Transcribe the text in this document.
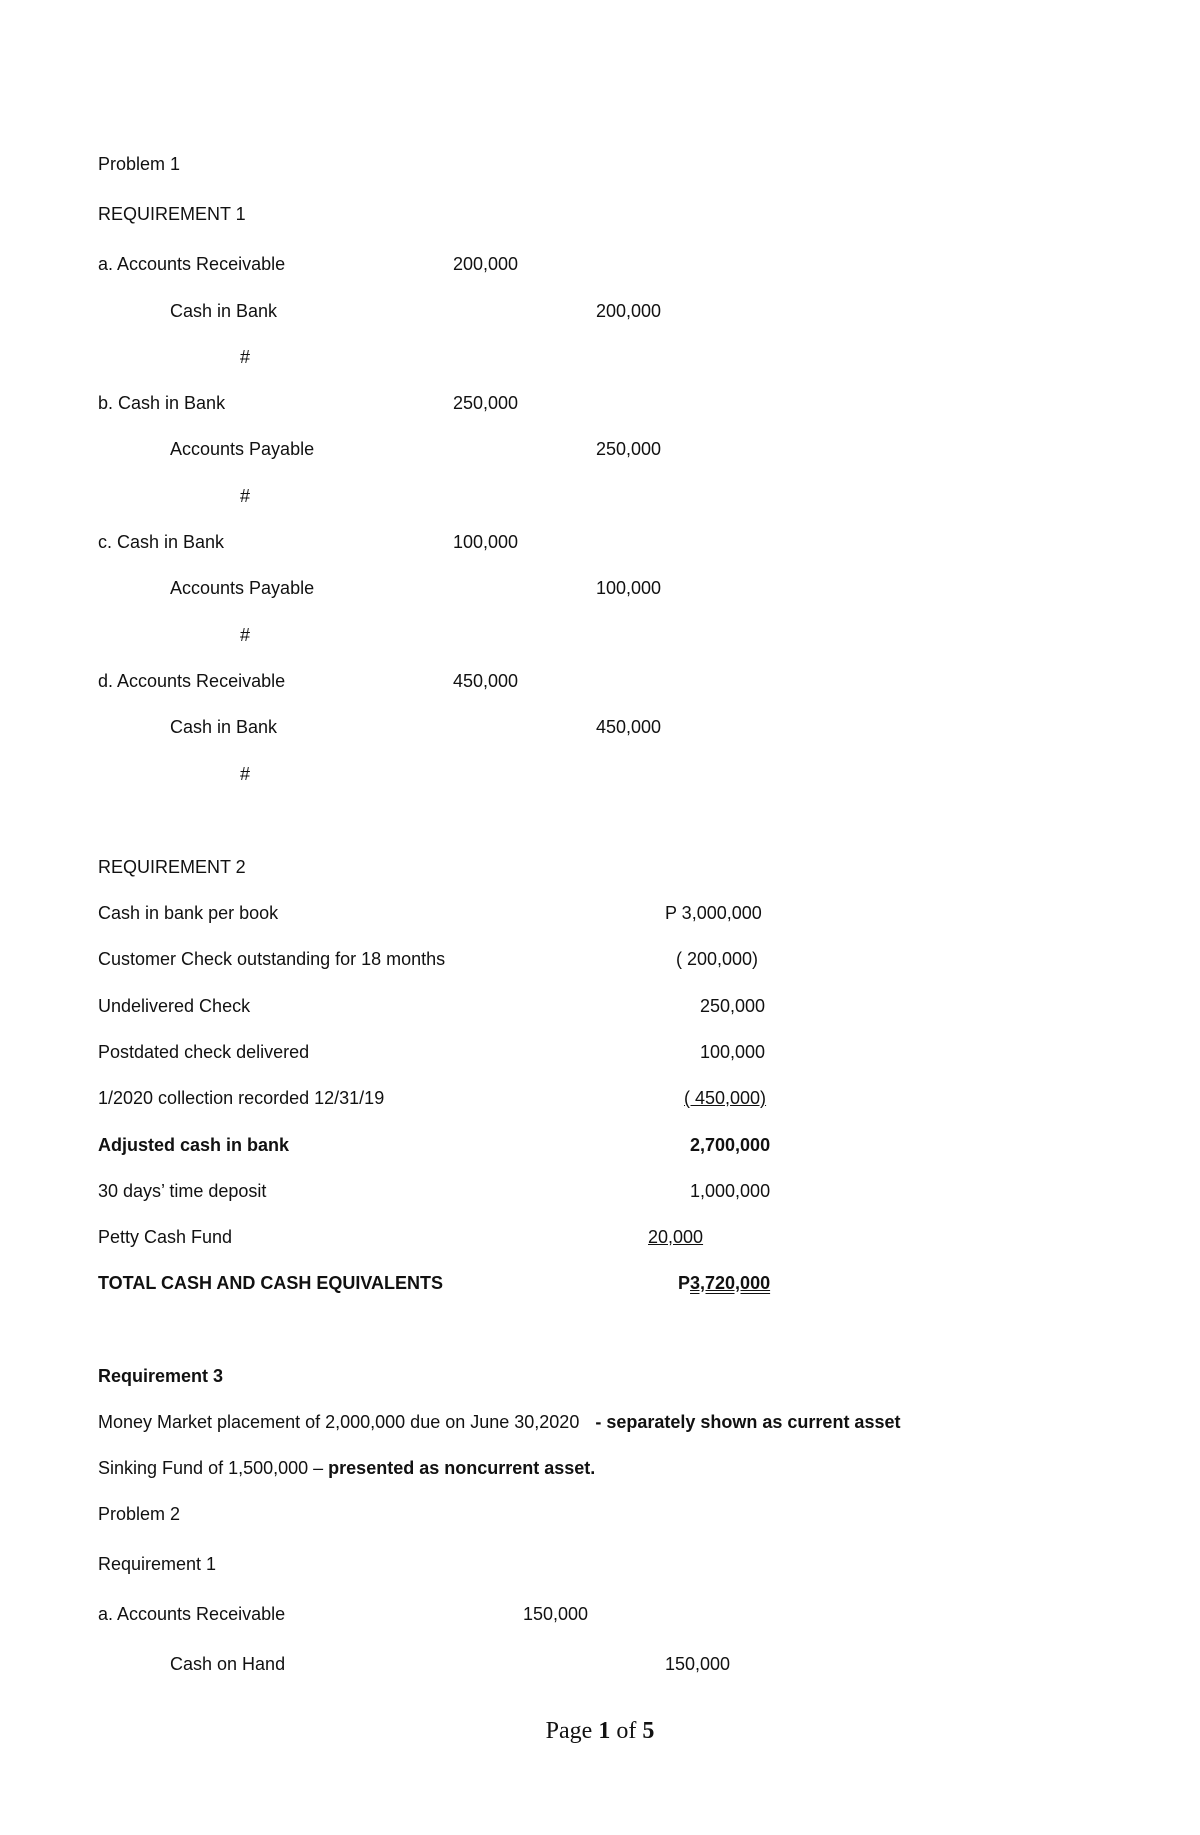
Problem 1
REQUIREMENT 1
a. Accounts Receivable	200,000
Cash in Bank	200,000
#
b. Cash in Bank	250,000
Accounts Payable	250,000
#
c. Cash in Bank	100,000
Accounts Payable	100,000
#
d. Accounts Receivable	450,000
Cash in Bank	450,000
#
REQUIREMENT 2
Cash in bank per book	P 3,000,000
Customer Check outstanding for 18 months	( 200,000)
Undelivered Check	250,000
Postdated check delivered	100,000
1/2020 collection recorded 12/31/19	( 450,000)
Adjusted cash in bank	2,700,000
30 days’ time deposit	1,000,000
Petty Cash Fund	20,000
TOTAL CASH AND CASH EQUIVALENTS	P3,720,000
Requirement 3
Money Market placement of 2,000,000 due on June 30,2020 - separately shown as current asset
Sinking Fund of 1,500,000 – presented as noncurrent asset.
Problem 2
Requirement 1
a. Accounts Receivable	150,000
Cash on Hand	150,000
Page 1 of 5
